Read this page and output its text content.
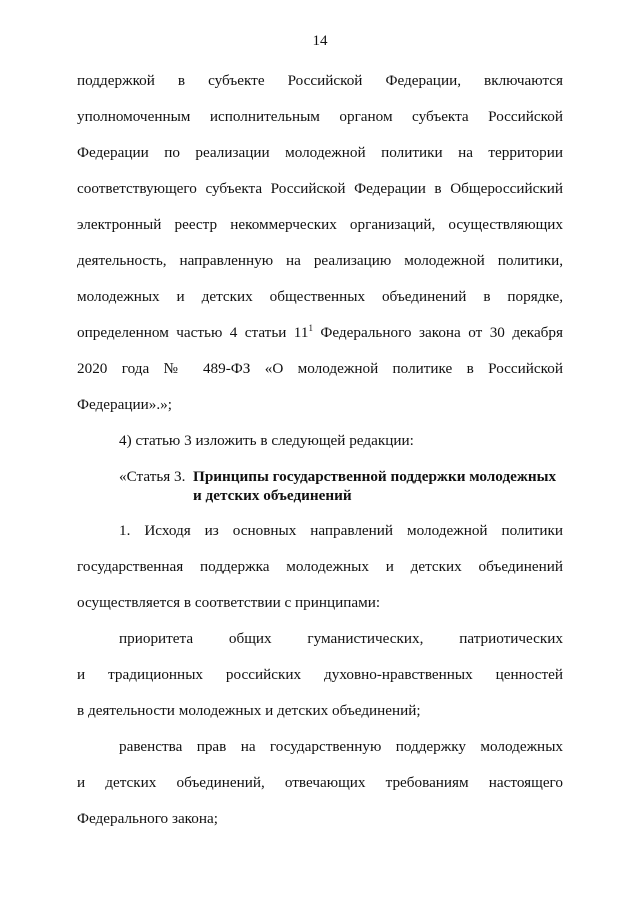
14
поддержкой в субъекте Российской Федерации, включаются
уполномоченным исполнительным органом субъекта Российской
Федерации по реализации молодежной политики на территории
соответствующего субъекта Российской Федерации в Общероссийский
электронный реестр некоммерческих организаций, осуществляющих
деятельность, направленную на реализацию молодежной политики,
молодежных и детских общественных объединений в порядке,
определенном частью 4 статьи $11^1$ Федерального закона от 30 декабря
2020 года № 489-ФЗ «О молодежной политике в Российской
Федерации».»;
4) статью 3 изложить в следующей редакции:
«Статья 3. Принципы государственной поддержки молодежных
и детских объединений
1. Исходя из основных направлений молодежной политики
государственная поддержка молодежных и детских объединений
осуществляется в соответствии с принципами:
приоритета общих гуманистических, патриотических
и традиционных российских духовно-нравственных ценностей
в деятельности молодежных и детских объединений;
равенства прав на государственную поддержку молодежных
и детских объединений, отвечающих требованиям настоящего
Федерального закона;
